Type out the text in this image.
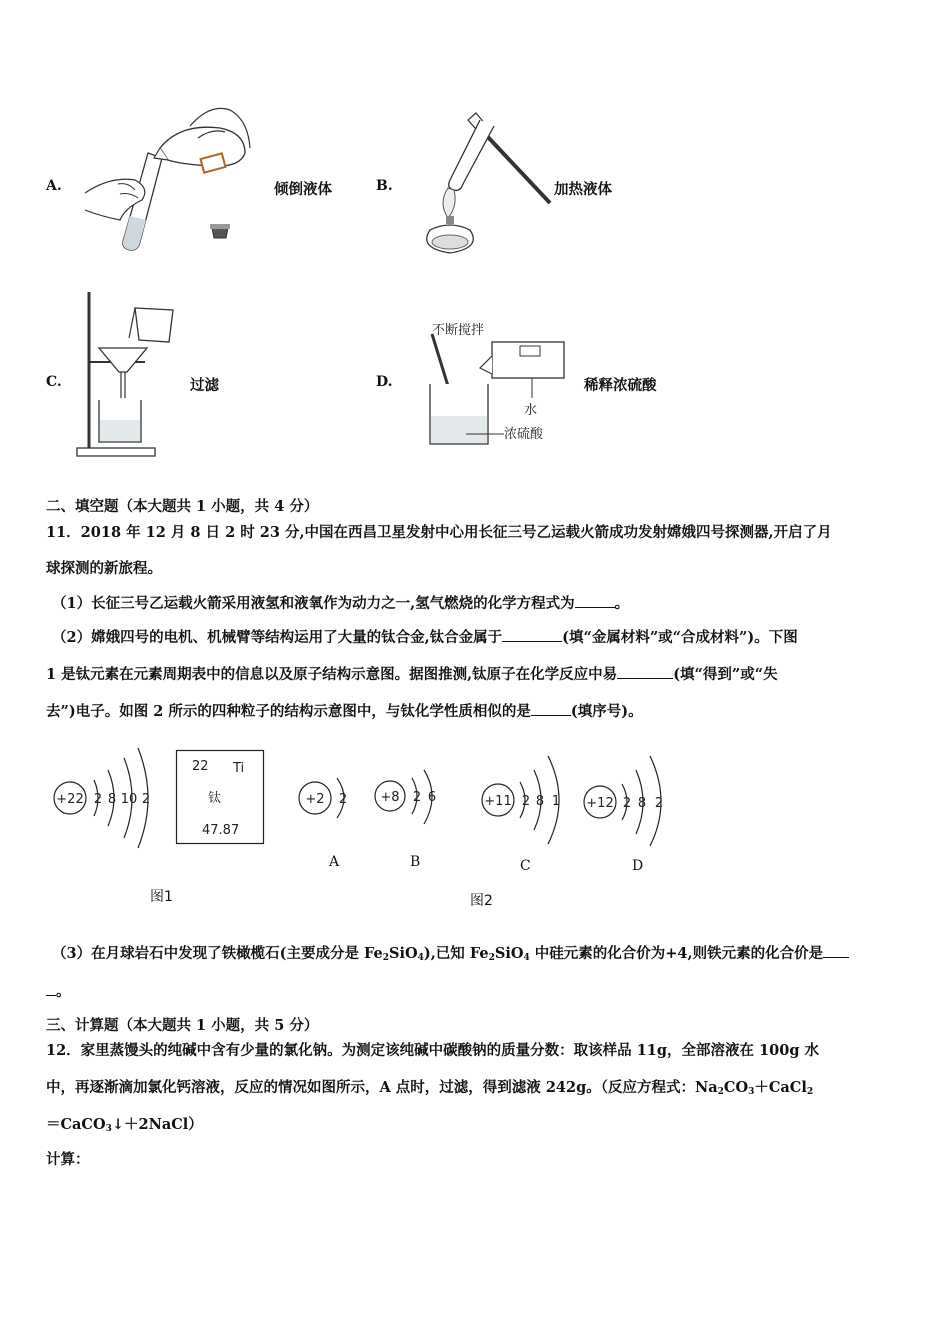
A.	倾倒液体	B.	加热液体
C.	过滤	D.
不断搅拌
水
浓硫酸
稀释浓硫酸
二、填空题（本大题共 1 小题，共 4 分）
11．2018 年 12 月 8 日 2 时 23 分,中国在西昌卫星发射中心用长征三号乙运载火箭成功发射嫦娥四号探测器,开启了月
球探测的新旅程。
（1）长征三号乙运载火箭采用液氢和液氧作为动力之一,氢气燃烧的化学方程式为	。
（2）嫦娥四号的电机、机械臂等结构运用了大量的钛合金,钛合金属于	(填“金属材料”或“合成材料”)。下图
1 是钛元素在元素周期表中的信息以及原子结构示意图。据图推测,钛原子在化学反应中易	(填“得到”或“失
去”)电子。如图 2 所示的四种粒子的结构示意图中，与钛化学性质相似的是	(填序号)。
+22 2 8 10 2
22 Ti
钛
47.87
图1
+2 2
A
+8 2 6
B
+11 2 8 1
C
+12 2 8 2
D
图2
（3）在月球岩石中发现了铁橄榄石(主要成分是 $Fe_2SiO_4$),已知 $Fe_2SiO_4$ 中硅元素的化合价为+4,则铁元素的化合价是
。
三、计算题（本大题共 1 小题，共 5 分）
12．家里蒸馒头的纯碱中含有少量的氯化钠。为测定该纯碱中碳酸钠的质量分数：取该样品 11g，全部溶液在 100g 水
中，再逐渐滴加氯化钙溶液，反应的情况如图所示，A 点时，过滤，得到滤液 242g。（反应方程式：$Na_2CO_3+CaCl_2$
＝CaCO$_3$↓＋2NaCl）
计算：
